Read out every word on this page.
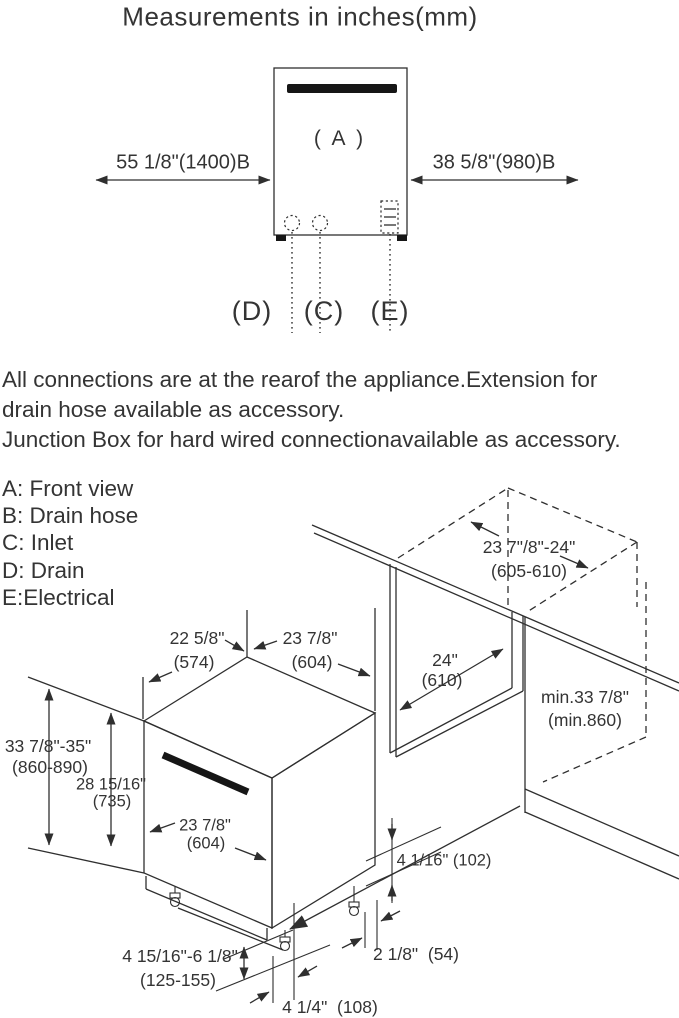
Measurements in inches(mm)
55 1/8"(1400)B	38 5/8"(980)B
( A )
(D) (C) (E)
All connections are at the rearof the appliance.Extension for
drain hose available as accessory.
Junction Box for hard wired connectionavailable as accessory.
A: Front view
B: Drain hose
C: Inlet
D: Drain
E:Electrical
23 7"/8"-24"
(605-610)
22 5/8"
(574)
23 7/8"
(604)	24"
(610)
min.33 7/8"
(min.860)
33 7/8"-35"
(860-890)
28 15/16"
(735)
23 7/8"
(604)
4 1/16" (102)
4 15/16"-6 1/8"
(125-155)
2 1/8"  (54)
4 1/4"  (108)
